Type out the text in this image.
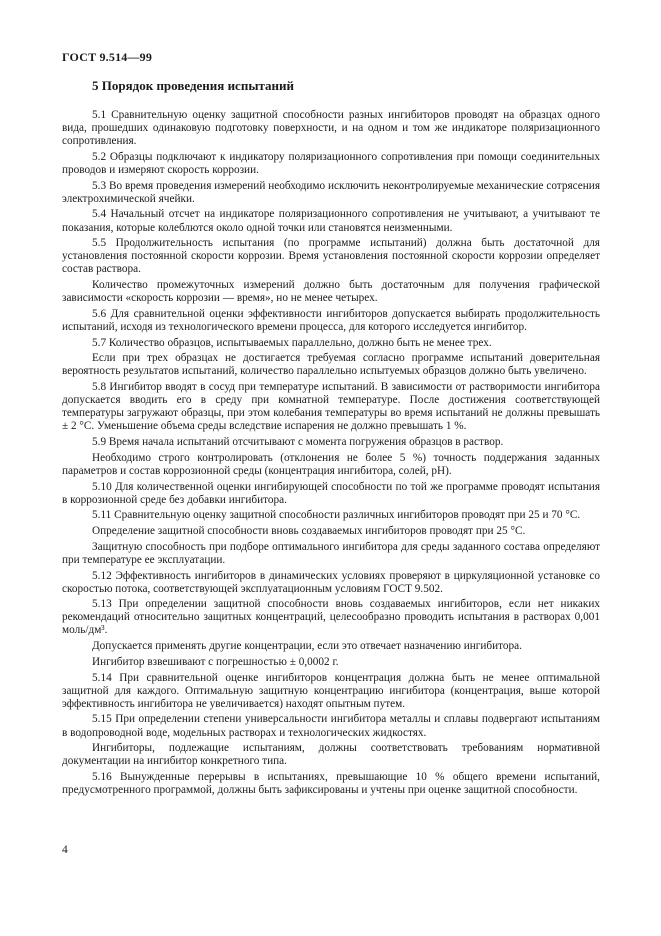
ГОСТ 9.514—99
5 Порядок проведения испытаний

5.1 Сравнительную оценку защитной способности разных ингибиторов проводят на образцах одного вида, прошедших одинаковую подготовку поверхности, и на одном и том же индикаторе поляризационного сопротивления.

5.2 Образцы подключают к индикатору поляризационного сопротивления при помощи соединительных проводов и измеряют скорость коррозии.

5.3 Во время проведения измерений необходимо исключить неконтролируемые механические сотрясения электрохимической ячейки.

5.4 Начальный отсчет на индикаторе поляризационного сопротивления не учитывают, а учитывают те показания, которые колеблются около одной точки или становятся неизменными.

5.5 Продолжительность испытания (по программе испытаний) должна быть достаточной для установления постоянной скорости коррозии. Время установления постоянной скорости коррозии определяет состав раствора.

Количество промежуточных измерений должно быть достаточным для получения графической зависимости «скорость коррозии — время», но не менее четырех.

5.6 Для сравнительной оценки эффективности ингибиторов допускается выбирать продолжительность испытаний, исходя из технологического времени процесса, для которого исследуется ингибитор.

5.7 Количество образцов, испытываемых параллельно, должно быть не менее трех.

Если при трех образцах не достигается требуемая согласно программе испытаний доверительная вероятность результатов испытаний, количество параллельно испытуемых образцов должно быть увеличено.

5.8 Ингибитор вводят в сосуд при температуре испытаний. В зависимости от растворимости ингибитора допускается вводить его в среду при комнатной температуре. После достижения соответствующей температуры загружают образцы, при этом колебания температуры во время испытаний не должны превышать ± 2 °С. Уменьшение объема среды вследствие испарения не должно превышать 1 %.

5.9 Время начала испытаний отсчитывают с момента погружения образцов в раствор.

Необходимо строго контролировать (отклонения не более 5 %) точность поддержания заданных параметров и состав коррозионной среды (концентрация ингибитора, солей, pH).

5.10 Для количественной оценки ингибирующей способности по той же программе проводят испытания в коррозионной среде без добавки ингибитора.

5.11 Сравнительную оценку защитной способности различных ингибиторов проводят при 25 и 70 °С.

Определение защитной способности вновь создаваемых ингибиторов проводят при 25 °С.

Защитную способность при подборе оптимального ингибитора для среды заданного состава определяют при температуре ее эксплуатации.

5.12 Эффективность ингибиторов в динамических условиях проверяют в циркуляционной установке со скоростью потока, соответствующей эксплуатационным условиям ГОСТ 9.502.

5.13 При определении защитной способности вновь создаваемых ингибиторов, если нет никаких рекомендаций относительно защитных концентраций, целесообразно проводить испытания в растворах 0,001 моль/дм³.

Допускается применять другие концентрации, если это отвечает назначению ингибитора.

Ингибитор взвешивают с погрешностью ± 0,0002 г.

5.14 При сравнительной оценке ингибиторов концентрация должна быть не менее оптимальной защитной для каждого. Оптимальную защитную концентрацию ингибитора (концентрация, выше которой эффективность ингибитора не увеличивается) находят опытным путем.

5.15 При определении степени универсальности ингибитора металлы и сплавы подвергают испытаниям в водопроводной воде, модельных растворах и технологических жидкостях.

Ингибиторы, подлежащие испытаниям, должны соответствовать требованиям нормативной документации на ингибитор конкретного типа.

5.16 Вынужденные перерывы в испытаниях, превышающие 10 % общего времени испытаний, предусмотренного программой, должны быть зафиксированы и учтены при оценке защитной способности.

4
